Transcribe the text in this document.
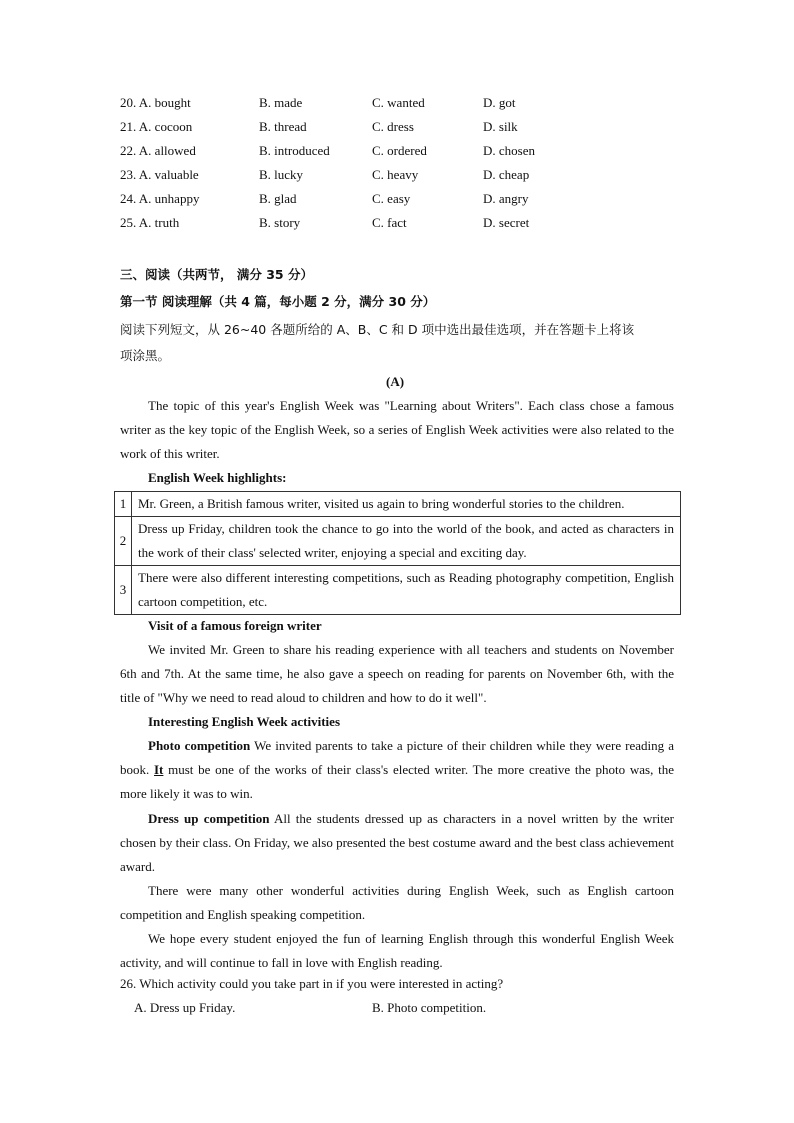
20. A. bought	B. made	C. wanted	D. got
21. A. cocoon	B. thread	C. dress	D. silk
22. A. allowed	B. introduced	C. ordered	D. chosen
23. A. valuable	B. lucky	C. heavy	D. cheap
24. A. unhappy	B. glad	C. easy	D. angry
25. A. truth	B. story	C. fact	D. secret
三、阅读（共两节， 满分 35 分）
第一节 阅读理解（共 4 篇，每小题 2 分，满分 30 分）
阅读下列短文，从 26~40 各题所给的 A、B、C 和 D 项中选出最佳选项，并在答题卡上将该
项涂黑。
(A)
The topic of this year's English Week was "Learning about Writers". Each class chose a famous writer as the key topic of the English Week, so a series of English Week activities were also related to the work of this writer.
English Week highlights:
1	Mr. Green, a British famous writer, visited us again to bring wonderful stories to the children.
2	Dress up Friday, children took the chance to go into the world of the book, and acted as characters in the work of their class' selected writer, enjoying a special and exciting day.
3	There were also different interesting competitions, such as Reading photography competition, English cartoon competition, etc.
Visit of a famous foreign writer
We invited Mr. Green to share his reading experience with all teachers and students on November 6th and 7th. At the same time, he also gave a speech on reading for parents on November 6th, with the title of "Why we need to read aloud to children and how to do it well".
Interesting English Week activities
Photo competition We invited parents to take a picture of their children while they were reading a book. It must be one of the works of their class's elected writer. The more creative the photo was, the more likely it was to win.
Dress up competition All the students dressed up as characters in a novel written by the writer chosen by their class. On Friday, we also presented the best costume award and the best class achievement award.
There were many other wonderful activities during English Week, such as English cartoon competition and English speaking competition.
We hope every student enjoyed the fun of learning English through this wonderful English Week activity, and will continue to fall in love with English reading.
26. Which activity could you take part in if you were interested in acting?
A. Dress up Friday.	B. Photo competition.
